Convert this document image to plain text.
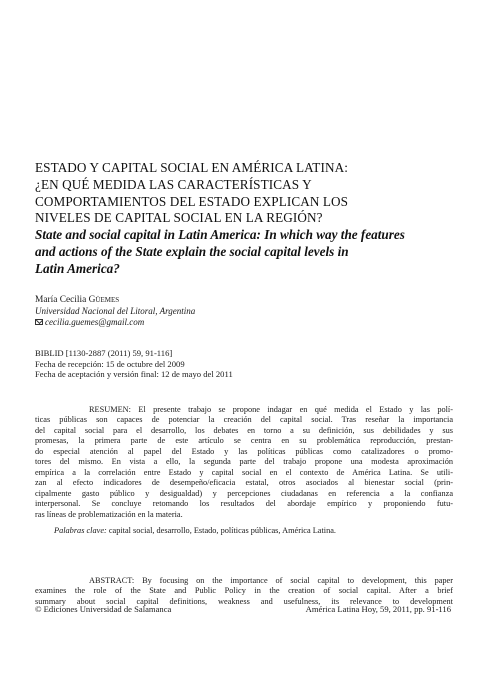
ESTADO Y CAPITAL SOCIAL EN AMÉRICA LATINA:
¿EN QUÉ MEDIDA LAS CARACTERÍSTICAS Y
COMPORTAMIENTOS DEL ESTADO EXPLICAN LOS
NIVELES DE CAPITAL SOCIAL EN LA REGIÓN?
State and social capital in Latin America: In which way the features
and actions of the State explain the social capital levels in
Latin America?
María Cecilia Güemes
Universidad Nacional del Litoral, Argentina
cecilia.guemes@gmail.com
BIBLID [1130-2887 (2011) 59, 91-116]
Fecha de recepción: 15 de octubre del 2009
Fecha de aceptación y versión final: 12 de mayo del 2011
RESUMEN: El presente trabajo se propone indagar en qué medida el Estado y las polí-
ticas públicas son capaces de potenciar la creación del capital social. Tras reseñar la importancia
del capital social para el desarrollo, los debates en torno a su definición, sus debilidades y sus
promesas, la primera parte de este artículo se centra en su problemática reproducción, prestan-
do especial atención al papel del Estado y las políticas públicas como catalizadores o promo-
tores del mismo. En vista a ello, la segunda parte del trabajo propone una modesta aproximación
empírica a la correlación entre Estado y capital social en el contexto de América Latina. Se utili-
zan al efecto indicadores de desempeño/eficacia estatal, otros asociados al bienestar social (prin-
cipalmente gasto público y desigualdad) y percepciones ciudadanas en referencia a la confianza
interpersonal. Se concluye retomando los resultados del abordaje empírico y proponiendo futu-
ras líneas de problematización en la materia.
Palabras clave: capital social, desarrollo, Estado, políticas públicas, América Latina.
ABSTRACT: By focusing on the importance of social capital to development, this paper
examines the role of the State and Public Policy in the creation of social capital. After a brief
summary about social capital definitions, weakness and usefulness, its relevance to development
© Ediciones Universidad de Salamanca	América Latina Hoy, 59, 2011, pp. 91-116
